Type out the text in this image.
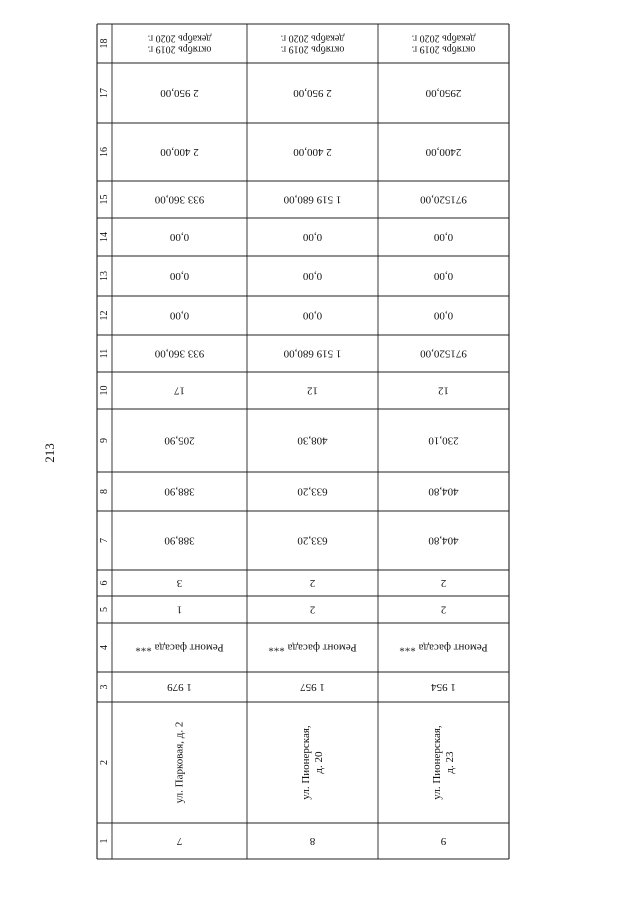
213
1
2
3
4
5
6
7
8
9
10
11
12
13
14
15
16
17
18
7
ул. Парковая, д. 2
1 979
Ремонт фасада ***
1
3
388,90
388,90
205,90
17
933 360,00
0,00
0,00
0,00
933 360,00
2 400,00
2 950,00
октябрь 2019 г.
декабрь 2020 г.
8
ул. Пионерская, д. 20
1 957
Ремонт фасада ***
2
2
633,20
633,20
408,30
12
1 519 680,00
0,00
0,00
0,00
1 519 680,00
2 400,00
2 950,00
октябрь 2019 г.
декабрь 2020 г.
9
ул. Пионерская, д. 23
1 954
Ремонт фасада ***
2
2
404,80
404,80
230,10
12
971520,00
0,00
0,00
0,00
971520,00
2400,00
2950,00
октябрь 2019 г.
декабрь 2020 г.
